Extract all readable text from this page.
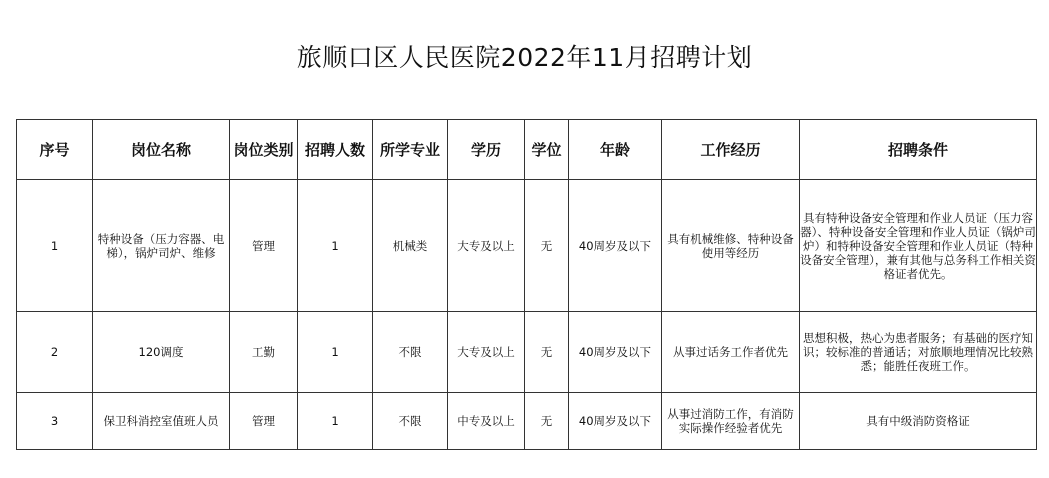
旅顺口区人民医院2022年11月招聘计划
序号	岗位名称	岗位类别	招聘人数	所学专业	学历	学位	年龄	工作经历	招聘条件
1	特种设备（压力容器、电梯），锅炉司炉、维修	管理	1	机械类	大专及以上	无	40周岁及以下	具有机械维修、特种设备使用等经历	具有特种设备安全管理和作业人员证（压力容器）、特种设备安全管理和作业人员证（锅炉司炉）和特种设备安全管理和作业人员证（特种设备安全管理），兼有其他与总务科工作相关资格证者优先。
2	120调度	工勤	1	不限	大专及以上	无	40周岁及以下	从事过话务工作者优先	思想积极，热心为患者服务；有基础的医疗知识；较标准的普通话；对旅顺地理情况比较熟悉；能胜任夜班工作。
3	保卫科消控室值班人员	管理	1	不限	中专及以上	无	40周岁及以下	从事过消防工作，有消防实际操作经验者优先	具有中级消防资格证
